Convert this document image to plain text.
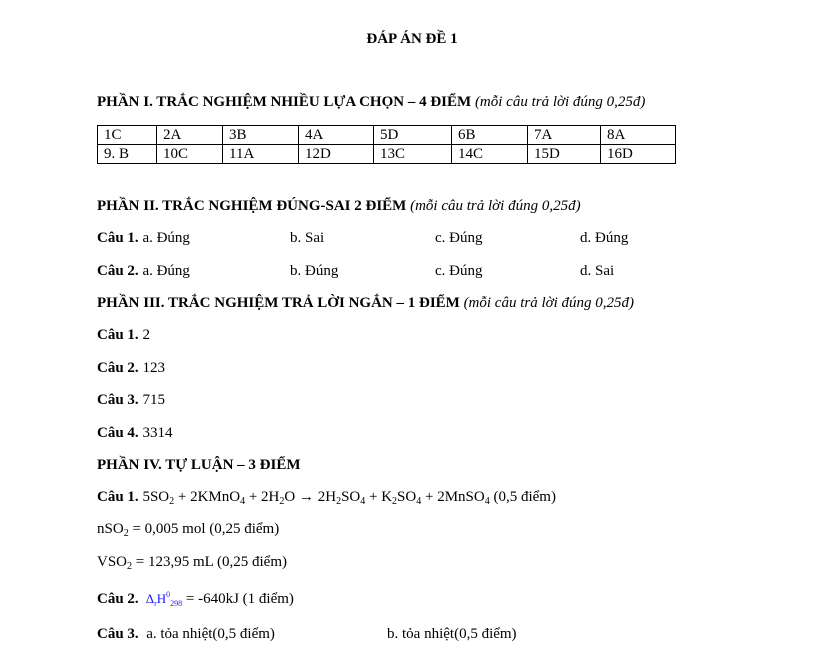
ĐÁP ÁN ĐỀ 1
PHẦN I. TRẮC NGHIỆM NHIỀU LỰA CHỌN – 4 ĐIỂM (mỗi câu trả lời đúng 0,25đ)
1C	2A	3B	4A	5D	6B	7A	8A
9. B	10C	11A	12D	13C	14C	15D	16D
PHẦN II. TRẮC NGHIỆM ĐÚNG-SAI 2 ĐIỂM (mỗi câu trả lời đúng 0,25đ)
Câu 1. a. Đúng	b. Sai	c. Đúng	d. Đúng
Câu 2. a. Đúng	b. Đúng	c. Đúng	d. Sai
PHẦN III. TRẮC NGHIỆM TRẢ LỜI NGẮN – 1 ĐIỂM (mỗi câu trả lời đúng 0,25đ)
Câu 1. 2
Câu 2. 123
Câu 3. 715
Câu 4. 3314
PHẦN IV. TỰ LUẬN – 3 ĐIỂM
Câu 1. $5SO_2$ + 2KMnO$_4$ + $2H_2O \to 2H_2SO_4 + K_2SO_4$ + 2MnSO$_4$ (0,5 điểm)
nSO$_2$ = 0,005 mol (0,25 điểm)
$VSO_2 = 123,95$ mL (0,25 điểm)
Câu 2.  $\Delta_rH^0_{298} = -640kJ$ (1 điểm)
Câu 3. a. tỏa nhiệt(0,5 điểm)	b. tỏa nhiệt(0,5 điểm)
